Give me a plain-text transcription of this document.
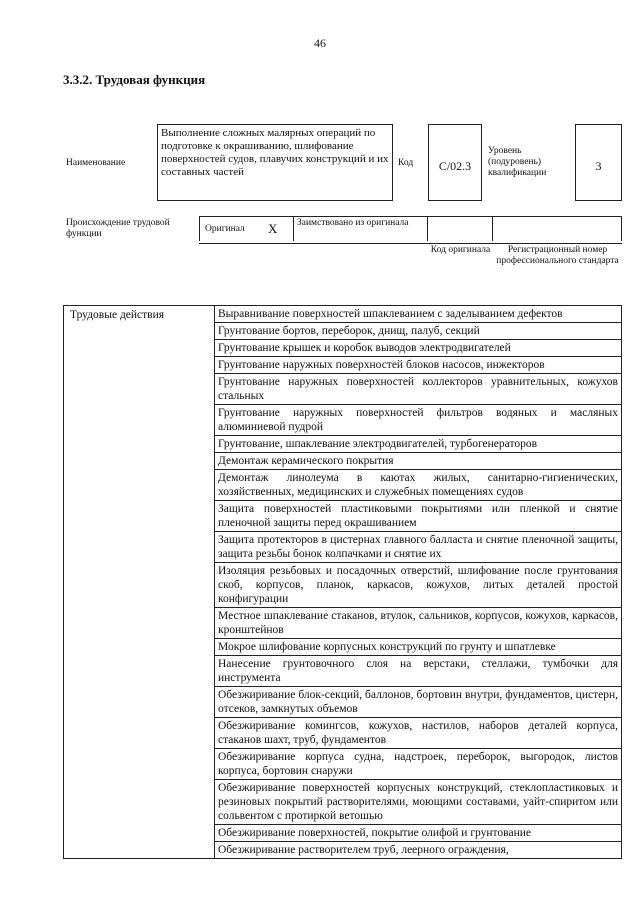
46
3.3.2. Трудовая функция
Наименование
Выполнение сложных малярных операций по подготовке к окрашиванию, шлифование поверхностей судов, плавучих конструкций и их составных частей
Код	C/02.3
Уровень (подуровень) квалификации	3
Происхождение трудовой функции	Оригинал X Заимствовано из оригинала
Код оригинала	Регистрационный номер профессионального стандарта
Трудовые действия	Выравнивание поверхностей шпаклеванием с заделыванием дефектов
Грунтование бортов, переборок, днищ, палуб, секций
Грунтование крышек и коробок выводов электродвигателей
Грунтование наружных поверхностей блоков насосов, инжекторов
Грунтование наружных поверхностей коллекторов уравнительных, кожухов стальных
Грунтование наружных поверхностей фильтров водяных и масляных алюминиевой пудрой
Грунтование, шпаклевание электродвигателей, турбогенераторов
Демонтаж керамического покрытия
Демонтаж линолеума в каютах жилых, санитарно-гигиенических, хозяйственных, медицинских и служебных помещениях судов
Защита поверхностей пластиковыми покрытиями или пленкой и снятие пленочной защиты перед окрашиванием
Защита протекторов в цистернах главного балласта и снятие пленочной защиты, защита резьбы бонок колпачками и снятие их
Изоляция резьбовых и посадочных отверстий, шлифование после грунтования скоб, корпусов, планок, каркасов, кожухов, литых деталей простой конфигурации
Местное шпаклевание стаканов, втулок, сальников, корпусов, кожухов, каркасов, кронштейнов
Мокрое шлифование корпусных конструкций по грунту и шпатлевке
Нанесение грунтовочного слоя на верстаки, стеллажи, тумбочки для инструмента
Обезжиривание блок-секций, баллонов, бортовин внутри, фундаментов, цистерн, отсеков, замкнутых объемов
Обезжиривание комингсов, кожухов, настилов, наборов деталей корпуса, стаканов шахт, труб, фундаментов
Обезжиривание корпуса судна, надстроек, переборок, выгородок, листов корпуса, бортовин снаружи
Обезжиривание поверхностей корпусных конструкций, стеклопластиковых и резиновых покрытий растворителями, моющими составами, уайт-спиритом или сольвентом с протиркой ветошью
Обезжиривание поверхностей, покрытие олифой и грунтование
Обезжиривание растворителем труб, леерного ограждения,
